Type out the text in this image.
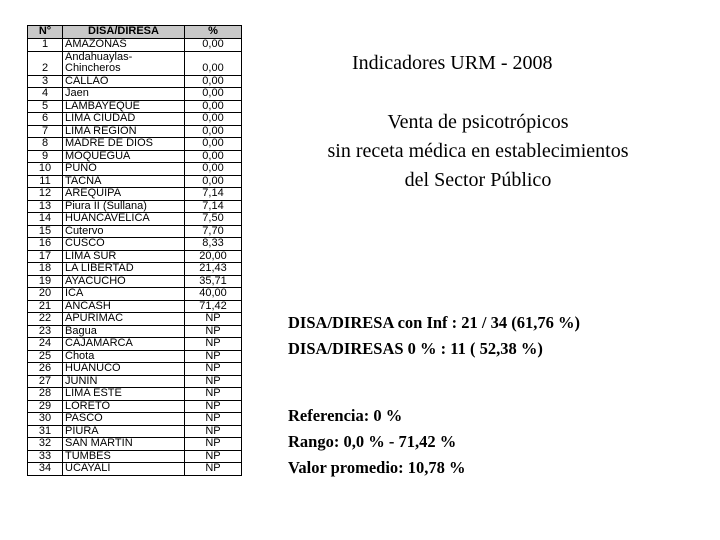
N°	DISA/DIRESA	%
1	AMAZONAS	0,00
2	Andahuaylas-
Chincheros	0,00
3	CALLAO	0,00
4	Jaen	0,00
5	LAMBAYEQUE	0,00
6	LIMA CIUDAD	0,00
7	LIMA REGION	0,00
8	MADRE DE DIOS	0,00
9	MOQUEGUA	0,00
10	PUNO	0,00
11	TACNA	0,00
12	AREQUIPA	7,14
13	Piura II (Sullana)	7,14
14	HUANCAVELICA	7,50
15	Cutervo	7,70
16	CUSCO	8,33
17	LIMA SUR	20,00
18	LA LIBERTAD	21,43
19	AYACUCHO	35,71
20	ICA	40,00
21	ANCASH	71,42
22	APURIMAC	NP
23	Bagua	NP
24	CAJAMARCA	NP
25	Chota	NP
26	HUANUCO	NP
27	JUNIN	NP
28	LIMA ESTE	NP
29	LORETO	NP
30	PASCO	NP
31	PIURA	NP
32	SAN MARTIN	NP
33	TUMBES	NP
34	UCAYALI	NP
Indicadores URM - 2008
Venta de psicotrópicos
sin receta médica en establecimientos
del Sector Público
DISA/DIRESA con Inf : 21 / 34 (61,76 %)
DISA/DIRESAS 0 % : 11 ( 52,38 %)
Referencia: 0 %
Rango: 0,0 % - 71,42 %
Valor promedio: 10,78 %
